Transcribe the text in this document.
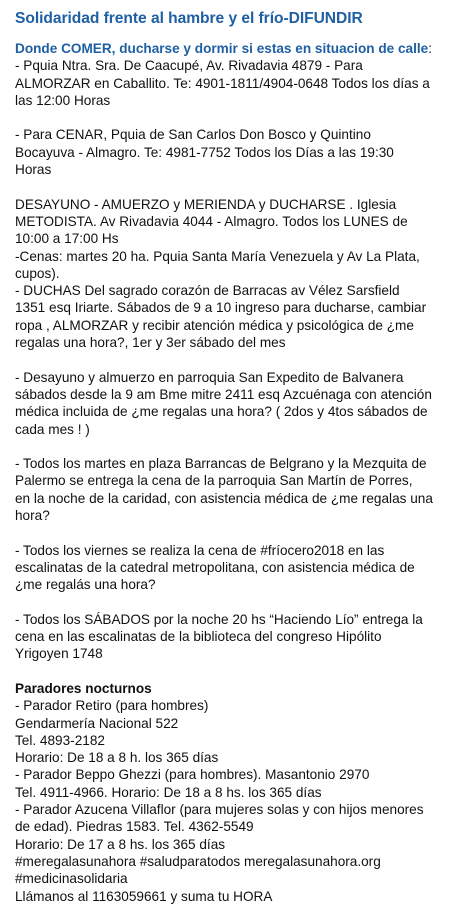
Solidaridad frente al hambre y el frío-DIFUNDIR
Donde COMER, ducharse y dormir si estas en situacion de calle:
- Pquia Ntra. Sra. De Caacupé, Av. Rivadavia 4879 - Para
ALMORZAR en Caballito. Te: 4901-1811/4904-0648 Todos los días a
las 12:00 Horas
- Para CENAR, Pquia de San Carlos Don Bosco y Quintino
Bocayuva - Almagro. Te: 4981-7752 Todos los Días a las 19:30
Horas
DESAYUNO - AMUERZO y MERIENDA y DUCHARSE . Iglesia
METODISTA. Av Rivadavia 4044 - Almagro. Todos los LUNES de
10:00 a 17:00 Hs
-Cenas: martes 20 ha. Pquia Santa María Venezuela y Av La Plata,
cupos).
- DUCHAS Del sagrado corazón de Barracas av Vélez Sarsfield
1351 esq Iriarte. Sábados de 9 a 10 ingreso para ducharse, cambiar
ropa , ALMORZAR y recibir atención médica y psicológica de ¿me
regalas una hora?, 1er y 3er sábado del mes
- Desayuno y almuerzo en parroquia San Expedito de Balvanera
sábados desde la 9 am Bme mitre 2411 esq Azcuénaga con atención
médica incluida de ¿me regalas una hora? ( 2dos y 4tos sábados de
cada mes ! )
- Todos los martes en plaza Barrancas de Belgrano y la Mezquita de
Palermo se entrega la cena de la parroquia San Martín de Porres,
en la noche de la caridad, con asistencia médica de ¿me regalas una
hora?
- Todos los viernes se realiza la cena de #fríocero2018 en las
escalinatas de la catedral metropolitana, con asistencia médica de
¿me regalás una hora?
- Todos los SÁBADOS por la noche 20 hs “Haciendo Lío” entrega la
cena en las escalinatas de la biblioteca del congreso Hipólito
Yrigoyen 1748
Paradores nocturnos
- Parador Retiro (para hombres)
Gendarmería Nacional 522
Tel. 4893-2182
Horario: De 18 a 8 h. los 365 días
- Parador Beppo Ghezzi (para hombres). Masantonio 2970
Tel. 4911-4966. Horario: De 18 a 8 hs. los 365 días
- Parador Azucena Villaflor (para mujeres solas y con hijos menores
de edad). Piedras 1583. Tel. 4362-5549
Horario: De 17 a 8 hs. los 365 días
#meregalasunahora #saludparatodos meregalasunahora.org
#medicinasolidaria
Llámanos al 1163059661 y suma tu HORA
